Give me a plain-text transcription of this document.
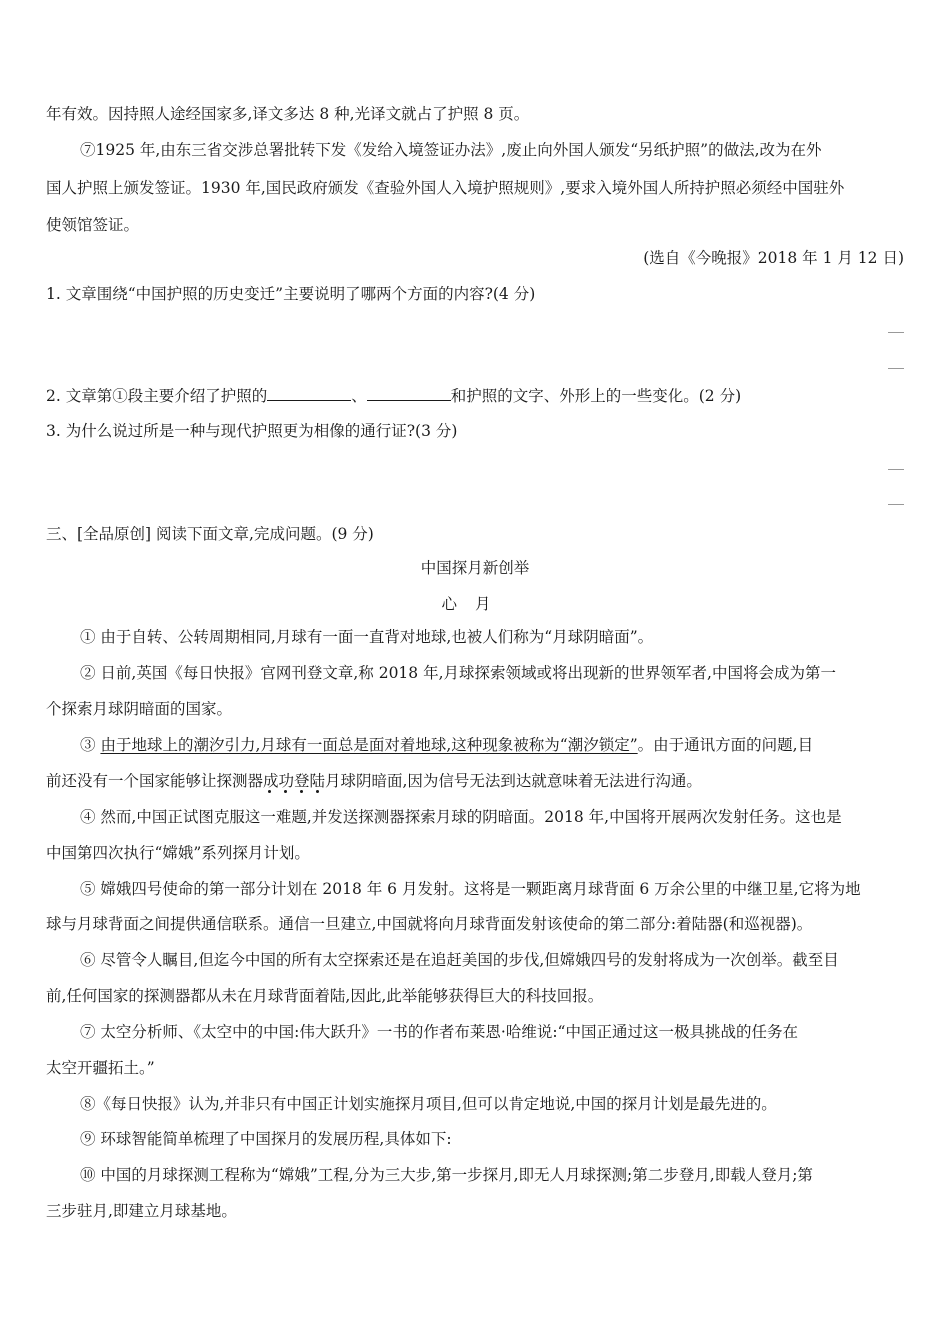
年有效。因持照人途经国家多,译文多达 8 种,光译文就占了护照 8 页。
⑦1925 年,由东三省交涉总署批转下发《发给入境签证办法》,废止向外国人颁发“另纸护照”的做法,改为在外
国人护照上颁发签证。1930 年,国民政府颁发《查验外国人入境护照规则》,要求入境外国人所持护照必须经中国驻外
使领馆签证。
(选自《今晚报》2018 年 1 月 12 日)
1. 文章围绕“中国护照的历史变迁”主要说明了哪两个方面的内容?(4 分)
2. 文章第①段主要介绍了护照的	、	和护照的文字、外形上的一些变化。(2 分)
3. 为什么说过所是一种与现代护照更为相像的通行证?(3 分)
三、[全品原创] 阅读下面文章,完成问题。(9 分)
中国探月新创举
心月
① 由于自转、公转周期相同,月球有一面一直背对地球,也被人们称为“月球阴暗面”。
② 日前,英国《每日快报》官网刊登文章,称 2018 年,月球探索领域或将出现新的世界领军者,中国将会成为第一
个探索月球阴暗面的国家。
③ 由于地球上的潮汐引力,月球有一面总是面对着地球,这种现象被称为“潮汐锁定”。由于通讯方面的问题,目
前还没有一个国家能够让探测器成功登陆月球阴暗面,因为信号无法到达就意味着无法进行沟通。
④ 然而,中国正试图克服这一难题,并发送探测器探索月球的阴暗面。2018 年,中国将开展两次发射任务。这也是
中国第四次执行“嫦娥”系列探月计划。
⑤ 嫦娥四号使命的第一部分计划在 2018 年 6 月发射。这将是一颗距离月球背面 6 万余公里的中继卫星,它将为地
球与月球背面之间提供通信联系。通信一旦建立,中国就将向月球背面发射该使命的第二部分:着陆器(和巡视器)。
⑥ 尽管令人瞩目,但迄今中国的所有太空探索还是在追赶美国的步伐,但嫦娥四号的发射将成为一次创举。截至目
前,任何国家的探测器都从未在月球背面着陆,因此,此举能够获得巨大的科技回报。
⑦ 太空分析师、《太空中的中国:伟大跃升》一书的作者布莱恩·哈维说:“中国正通过这一极具挑战的任务在
太空开疆拓土。”
⑧《每日快报》认为,并非只有中国正计划实施探月项目,但可以肯定地说,中国的探月计划是最先进的。
⑨ 环球智能简单梳理了中国探月的发展历程,具体如下:
⑩ 中国的月球探测工程称为“嫦娥”工程,分为三大步,第一步探月,即无人月球探测;第二步登月,即载人登月;第
三步驻月,即建立月球基地。
